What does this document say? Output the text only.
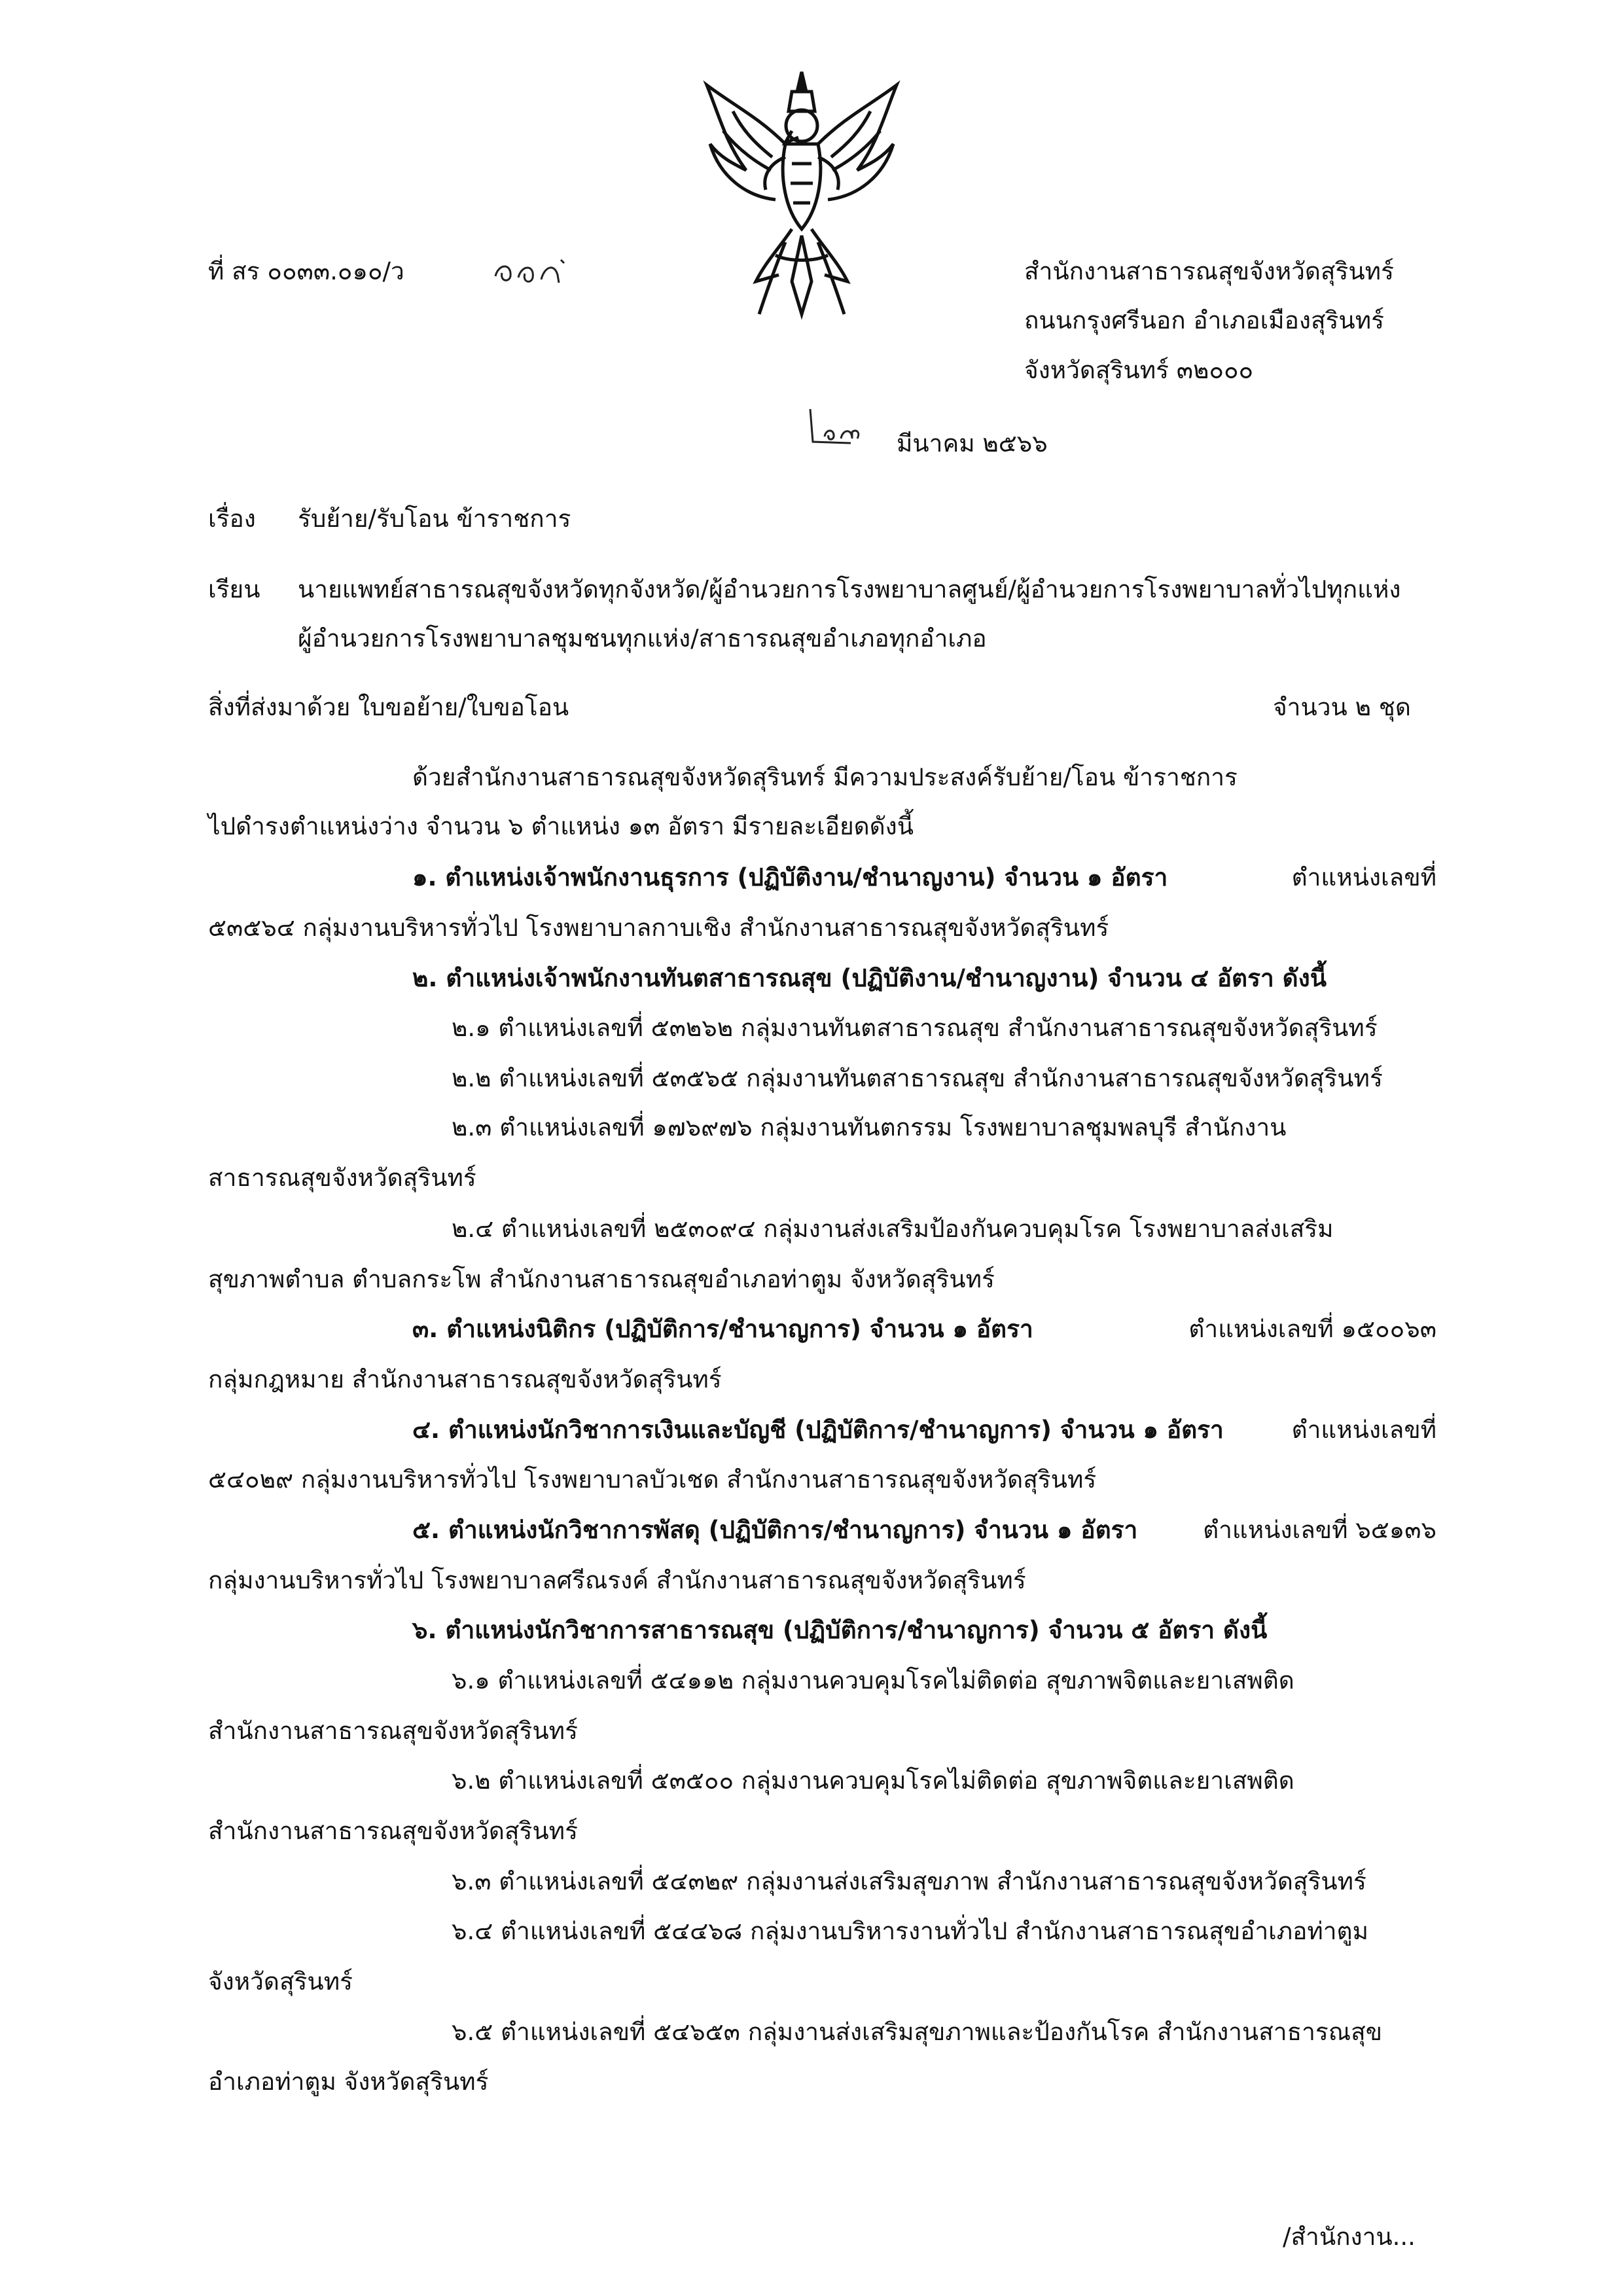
ที่ สร ๐๐๓๓.๐๑๐/ว	สำนักงานสาธารณสุขจังหวัดสุรินทร์
ถนนกรุงศรีนอก อำเภอเมืองสุรินทร์
จังหวัดสุรินทร์ ๓๒๐๐๐
มีนาคม ๒๕๖๖
เรื่อง รับย้าย/รับโอน ข้าราชการ
เรียน นายแพทย์สาธารณสุขจังหวัดทุกจังหวัด/ผู้อำนวยการโรงพยาบาลศูนย์/ผู้อำนวยการโรงพยาบาลทั่วไปทุกแห่ง
ผู้อำนวยการโรงพยาบาลชุมชนทุกแห่ง/สาธารณสุขอำเภอทุกอำเภอ
สิ่งที่ส่งมาด้วย ใบขอย้าย/ใบขอโอน	จำนวน ๒ ชุด
ด้วยสำนักงานสาธารณสุขจังหวัดสุรินทร์ มีความประสงค์รับย้าย/โอน ข้าราชการ
ไปดำรงตำแหน่งว่าง จำนวน ๖ ตำแหน่ง ๑๓ อัตรา มีรายละเอียดดังนี้
๑. ตำแหน่งเจ้าพนักงานธุรการ (ปฏิบัติงาน/ชำนาญงาน) จำนวน ๑ อัตรา	ตำแหน่งเลขที่
๕๓๕๖๔ กลุ่มงานบริหารทั่วไป โรงพยาบาลกาบเชิง สำนักงานสาธารณสุขจังหวัดสุรินทร์
๒. ตำแหน่งเจ้าพนักงานทันตสาธารณสุข (ปฏิบัติงาน/ชำนาญงาน) จำนวน ๔ อัตรา ดังนี้
๒.๑ ตำแหน่งเลขที่ ๕๓๒๖๒ กลุ่มงานทันตสาธารณสุข สำนักงานสาธารณสุขจังหวัดสุรินทร์
๒.๒ ตำแหน่งเลขที่ ๕๓๕๖๕ กลุ่มงานทันตสาธารณสุข สำนักงานสาธารณสุขจังหวัดสุรินทร์
๒.๓ ตำแหน่งเลขที่ ๑๗๖๙๗๖ กลุ่มงานทันตกรรม โรงพยาบาลชุมพลบุรี สำนักงาน
สาธารณสุขจังหวัดสุรินทร์
๒.๔ ตำแหน่งเลขที่ ๒๕๓๐๙๔ กลุ่มงานส่งเสริมป้องกันควบคุมโรค โรงพยาบาลส่งเสริม
สุขภาพตำบล ตำบลกระโพ สำนักงานสาธารณสุขอำเภอท่าตูม จังหวัดสุรินทร์
๓. ตำแหน่งนิติกร (ปฏิบัติการ/ชำนาญการ) จำนวน ๑ อัตรา	ตำแหน่งเลขที่ ๑๕๐๐๖๓
กลุ่มกฎหมาย สำนักงานสาธารณสุขจังหวัดสุรินทร์
๔. ตำแหน่งนักวิชาการเงินและบัญชี (ปฏิบัติการ/ชำนาญการ) จำนวน ๑ อัตรา	ตำแหน่งเลขที่
๕๔๐๒๙ กลุ่มงานบริหารทั่วไป โรงพยาบาลบัวเชด สำนักงานสาธารณสุขจังหวัดสุรินทร์
๕. ตำแหน่งนักวิชาการพัสดุ (ปฏิบัติการ/ชำนาญการ) จำนวน ๑ อัตรา	ตำแหน่งเลขที่ ๖๕๑๓๖
กลุ่มงานบริหารทั่วไป โรงพยาบาลศรีณรงค์ สำนักงานสาธารณสุขจังหวัดสุรินทร์
๖. ตำแหน่งนักวิชาการสาธารณสุข (ปฏิบัติการ/ชำนาญการ) จำนวน ๕ อัตรา ดังนี้
๖.๑ ตำแหน่งเลขที่ ๕๔๑๑๒ กลุ่มงานควบคุมโรคไม่ติดต่อ สุขภาพจิตและยาเสพติด
สำนักงานสาธารณสุขจังหวัดสุรินทร์
๖.๒ ตำแหน่งเลขที่ ๕๓๕๐๐ กลุ่มงานควบคุมโรคไม่ติดต่อ สุขภาพจิตและยาเสพติด
สำนักงานสาธารณสุขจังหวัดสุรินทร์
๖.๓ ตำแหน่งเลขที่ ๕๔๓๒๙ กลุ่มงานส่งเสริมสุขภาพ สำนักงานสาธารณสุขจังหวัดสุรินทร์
๖.๔ ตำแหน่งเลขที่ ๕๔๔๖๘ กลุ่มงานบริหารงานทั่วไป สำนักงานสาธารณสุขอำเภอท่าตูม
จังหวัดสุรินทร์
๖.๕ ตำแหน่งเลขที่ ๕๔๖๕๓ กลุ่มงานส่งเสริมสุขภาพและป้องกันโรค สำนักงานสาธารณสุข
อำเภอท่าตูม จังหวัดสุรินทร์
/สำนักงาน...
